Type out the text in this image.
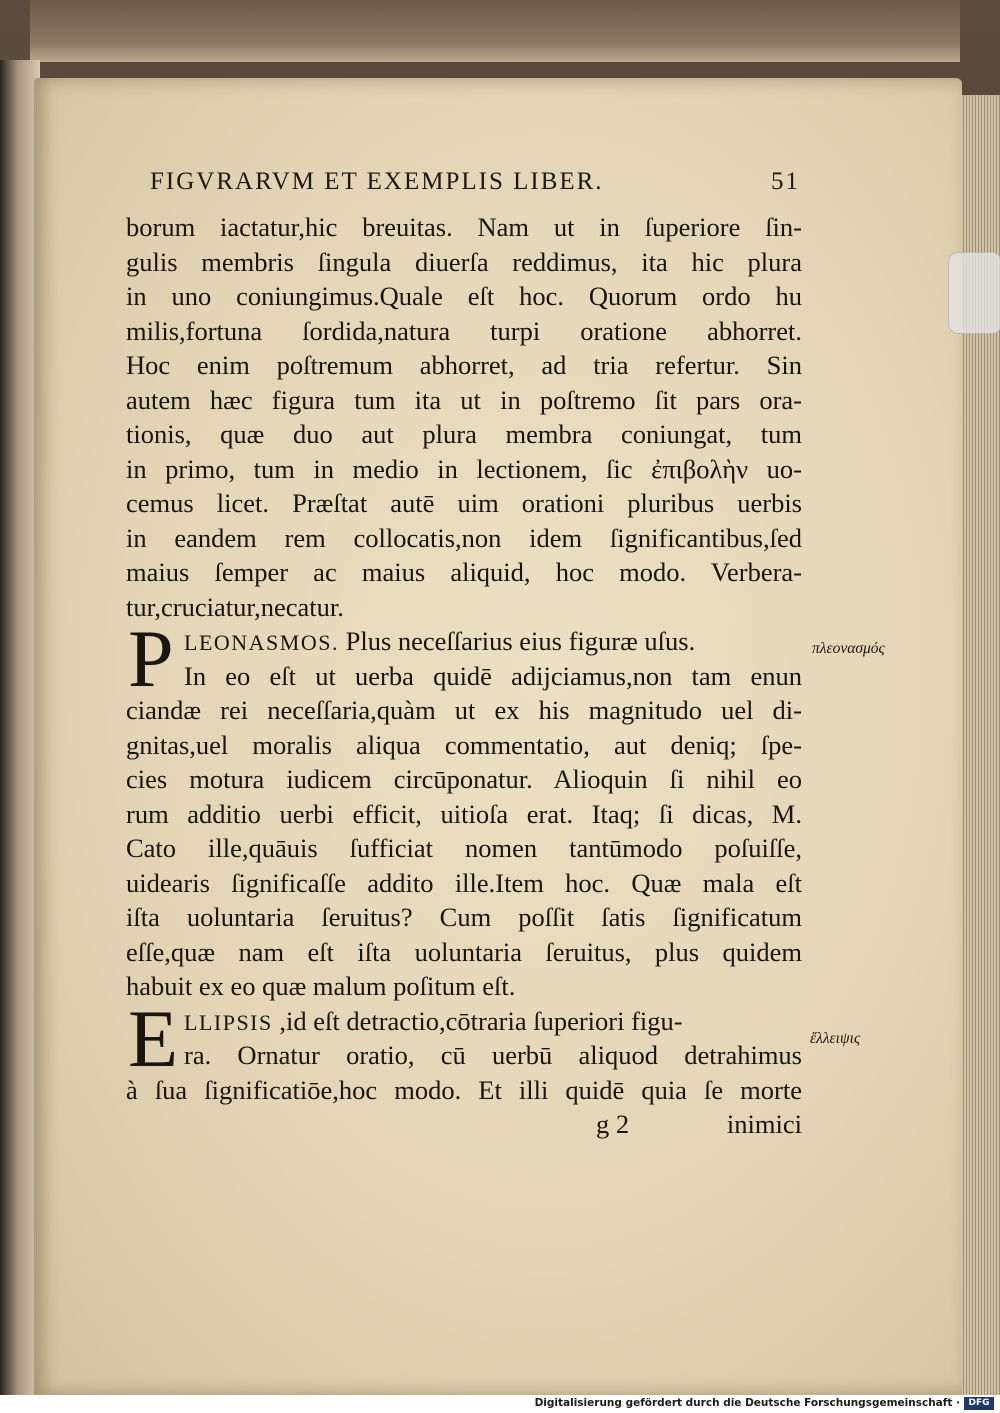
FIGVRARVM ET EXEMPLIS LIBER.	51
borum iactatur,hic breuitas. Nam ut in ſuperiore ſin-
gulis membris ſingula diuerſa reddimus, ita hic plura
in uno coniungimus.Quale eſt hoc. Quorum ordo hu
milis,fortuna ſordida,natura turpi oratione abhorret.
Hoc enim poſtremum abhorret, ad tria refertur. Sin
autem hæc figura tum ita ut in poſtremo ſit pars ora-
tionis, quæ duo aut plura membra coniungat, tum
in primo, tum in medio in lectionem, ſic ἐπιβολὴν uo-
cemus licet. Præſtat autē uim orationi pluribus uerbis
in eandem rem collocatis,non idem ſignificantibus,ſed
maius ſemper ac maius aliquid, hoc modo. Verbera-
tur,cruciatur,necatur.
P LEONASMOS. Plus neceſſarius eius figuræ uſus.
In eo eſt ut uerba quidē adijciamus,non tam enun
ciandæ rei neceſſaria,quàm ut ex his magnitudo uel di-
gnitas,uel moralis aliqua commentatio, aut deniq; ſpe-
cies motura iudicem circūponatur. Alioquin ſi nihil eo
rum additio uerbi efficit, uitioſa erat. Itaq; ſi dicas, M.
Cato ille,quāuis ſufficiat nomen tantūmodo poſuiſſe,
uidearis ſignificaſſe addito ille.Item hoc. Quæ mala eſt
iſta uoluntaria ſeruitus? Cum poſſit ſatis ſignificatum
eſſe,quæ nam eſt iſta uoluntaria ſeruitus, plus quidem
habuit ex eo quæ malum poſitum eſt.
E LLIPSIS ,id eſt detractio,cōtraria ſuperiori figu-
ra. Ornatur oratio, cū uerbū aliquod detrahimus
à ſua ſignificatiōe,hoc modo. Et illi quidē quia ſe morte
g 2	inimici
πλεονασμός
ἔλλειψις
Digitalisierung gefördert durch die Deutsche Forschungsgemeinschaft · DFG
